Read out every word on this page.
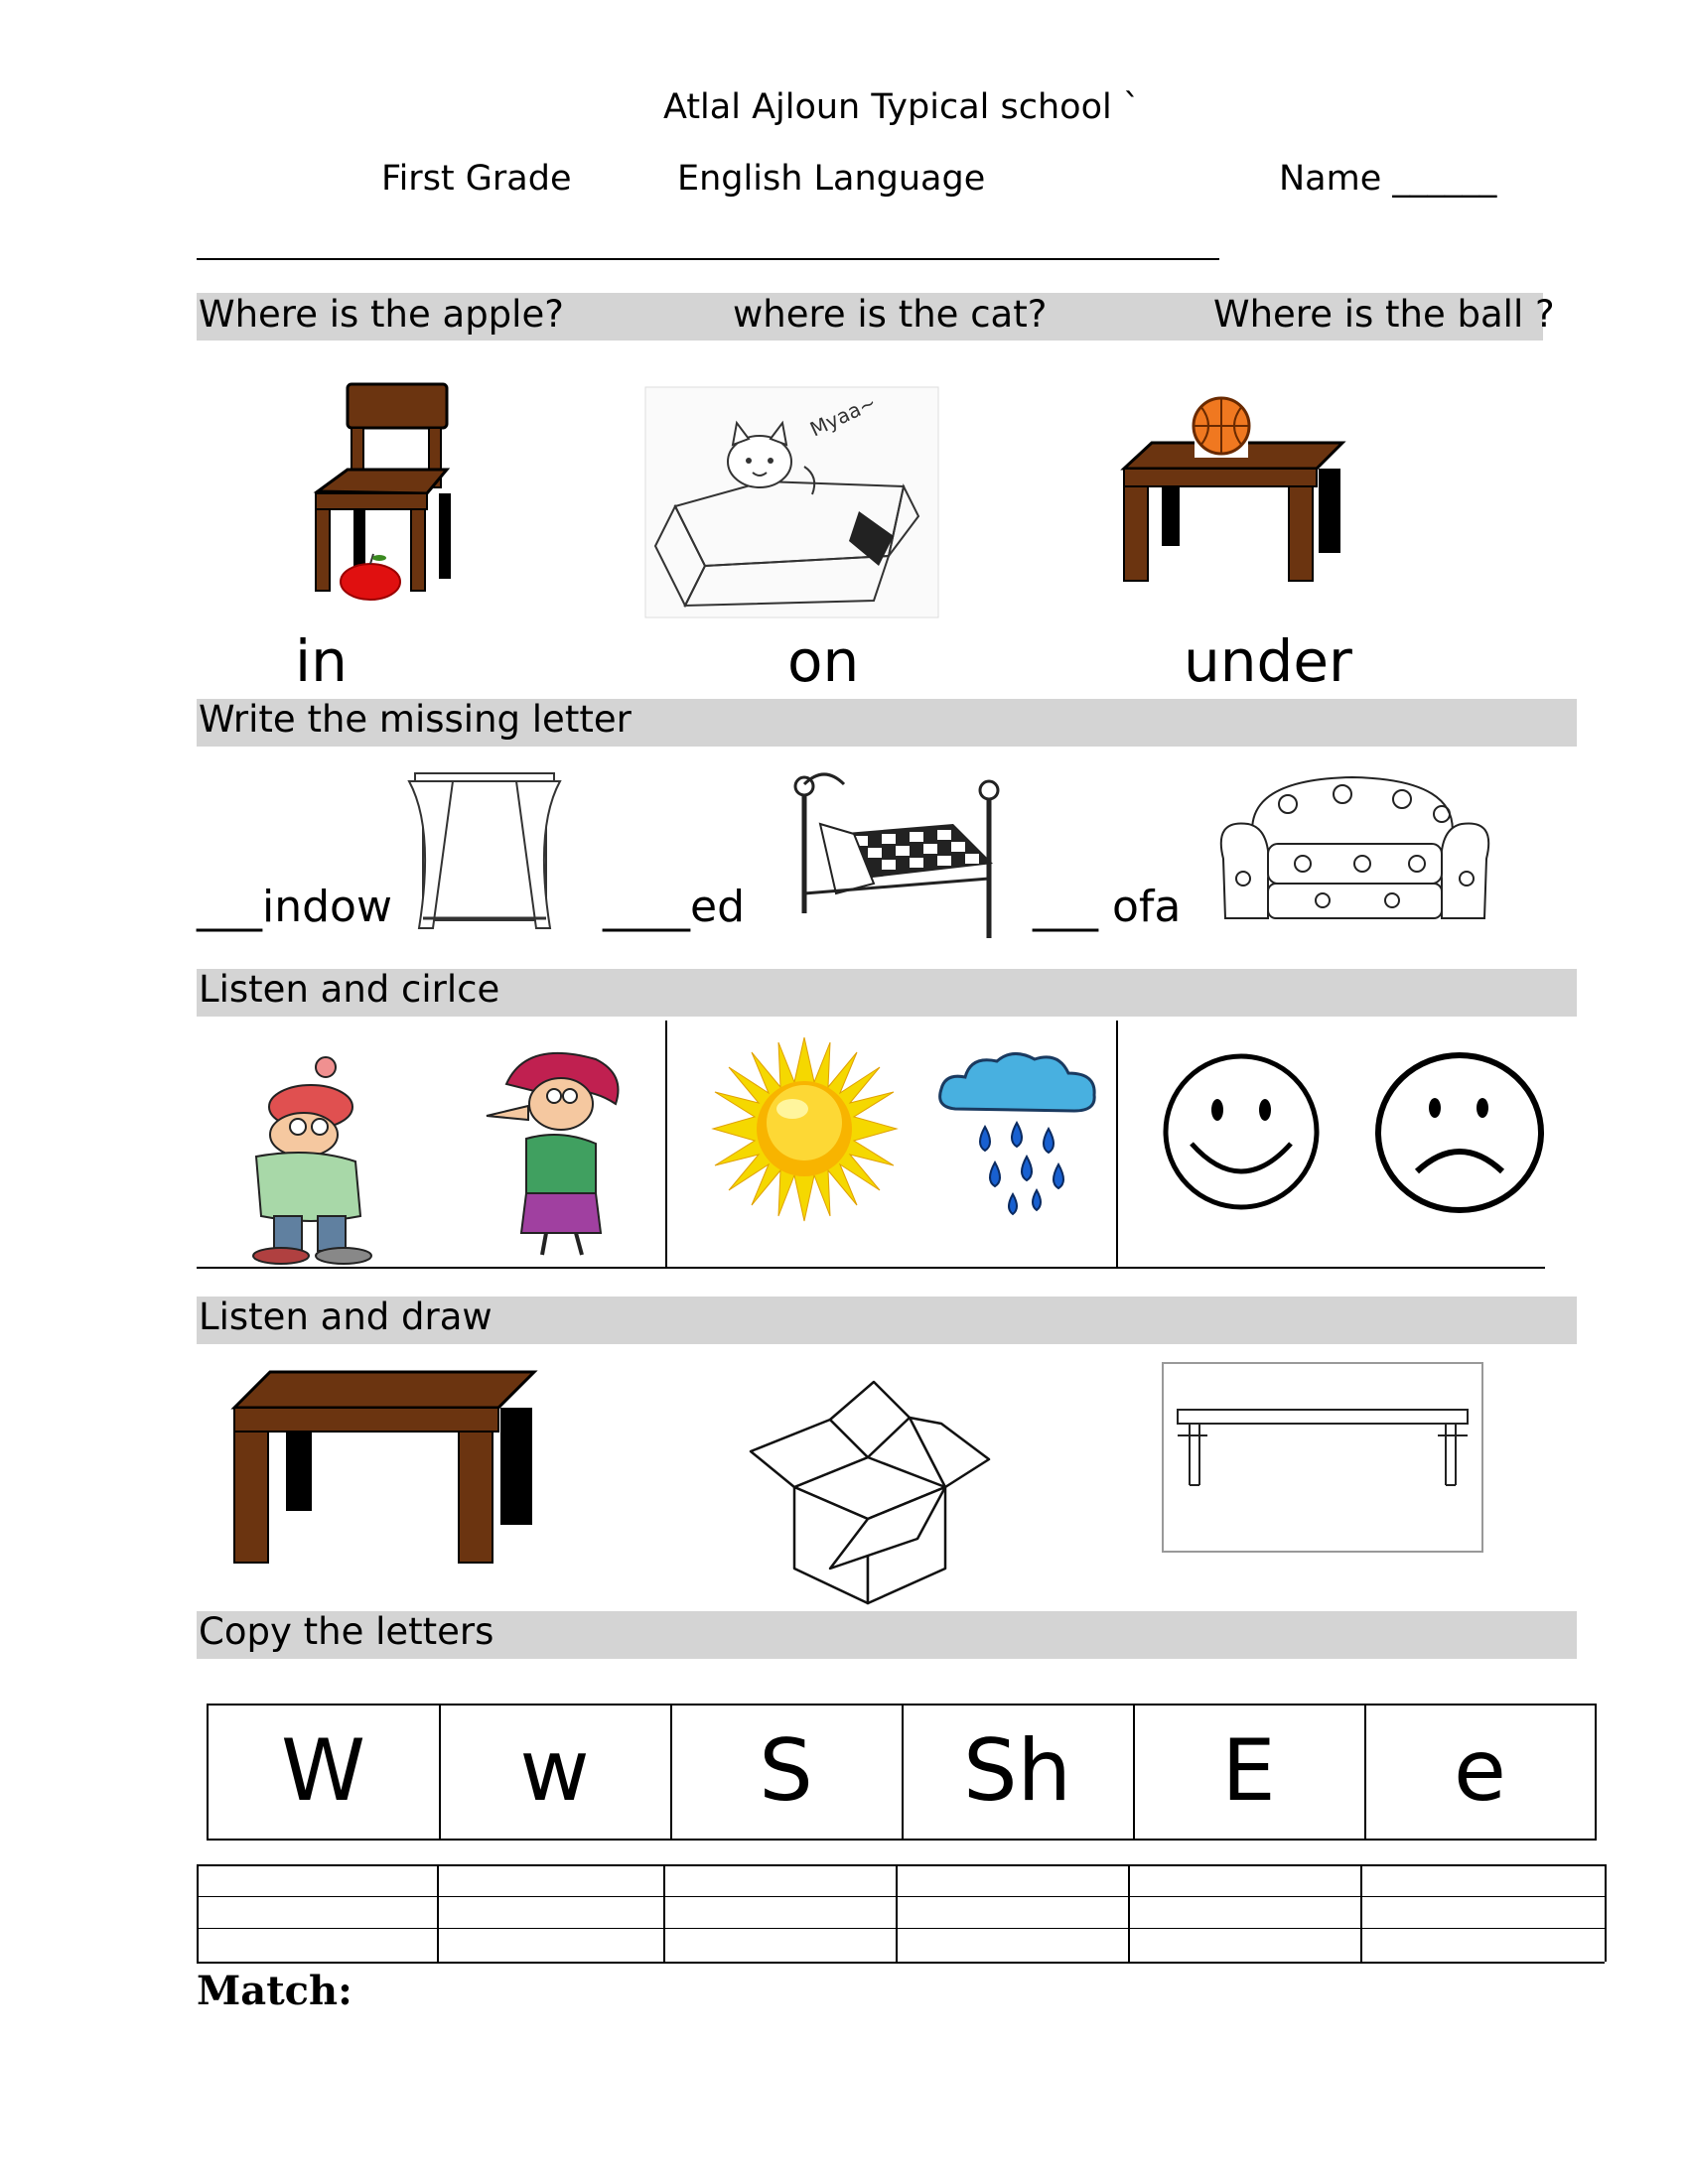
Atlal Ajloun Typical school `
First Grade	English Language	Name ______
Where is the apple?	where is the cat?	Where is the ball ?
Myaa~
in	on	under
Write the missing letter
___indow	____ed	___ ofa
Listen and cirlce
Listen and draw
Copy the letters
W	w	S	Sh	E	e
Match:
